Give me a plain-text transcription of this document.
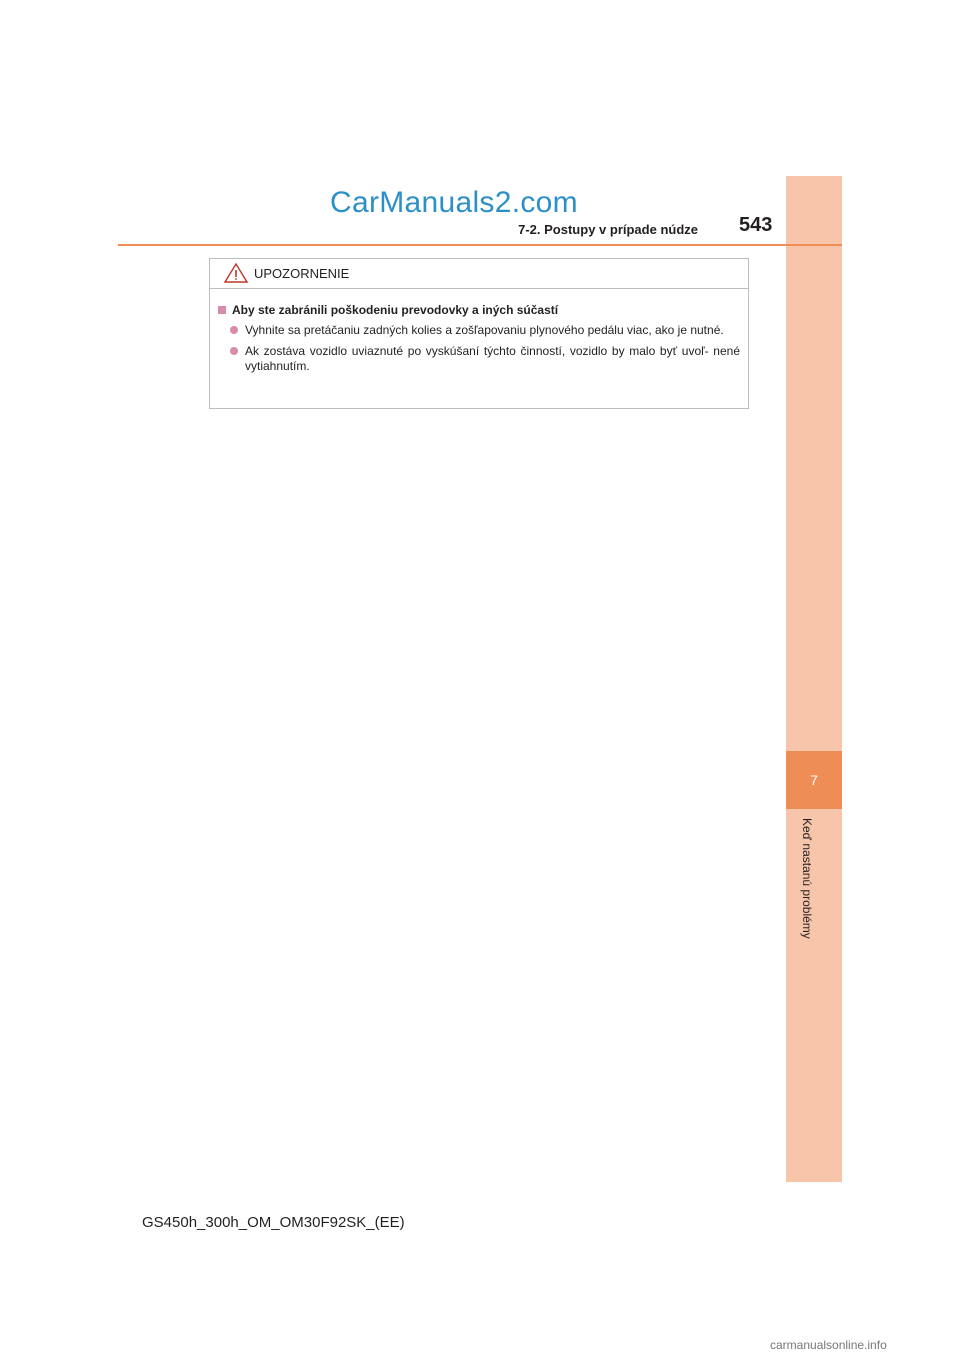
7
Keď nastanú problémy
CarManuals2.com
7-2. Postupy v prípade núdze 543
UPOZORNENIE
Aby ste zabránili poškodeniu prevodovky a iných súčastí
Vyhnite sa pretáčaniu zadných kolies a zošľapovaniu plynového pedálu viac, ako je nutné.
Ak zostáva vozidlo uviaznuté po vyskúšaní týchto činností, vozidlo by malo byť uvoľ- nené vytiahnutím.
GS450h_300h_OM_OM30F92SK_(EE)
carmanualsonline.info
